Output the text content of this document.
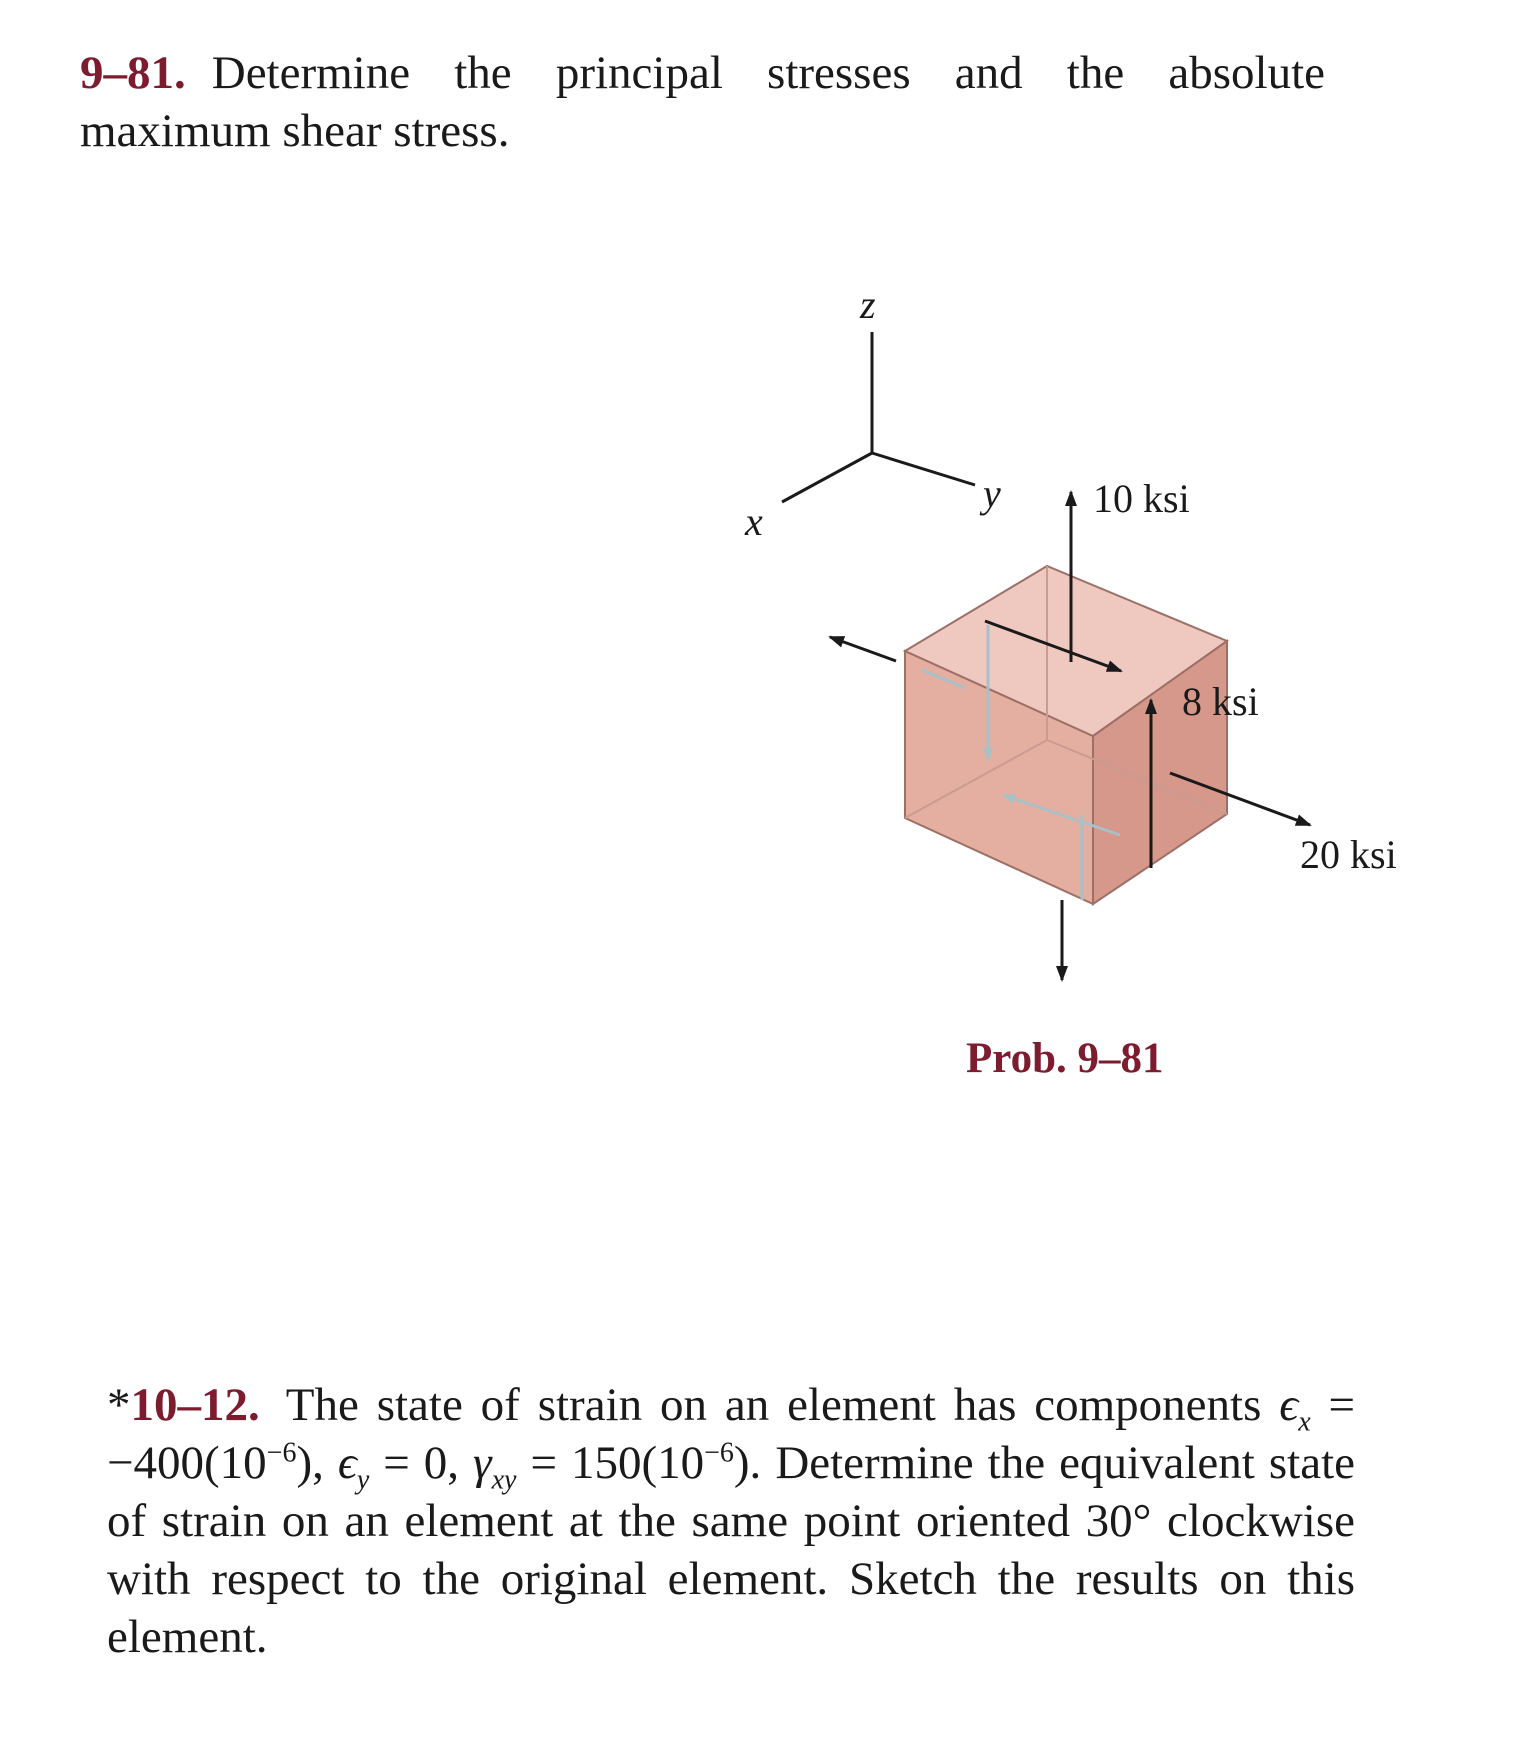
9–81. Determine the principal stresses and the absolute maximum shear stress.

z
x
y 10 ksi
8 ksi
20 ksi
Prob. 9–81

*10–12. The state of strain on an element has components $\epsilon_x = -400(10^{-6})$, $\epsilon_y = 0$, $\gamma_{xy} = 150(10^{-6})$. Determine the equivalent state of strain on an element at the same point oriented 30° clockwise with respect to the original element. Sketch the results on this element.
